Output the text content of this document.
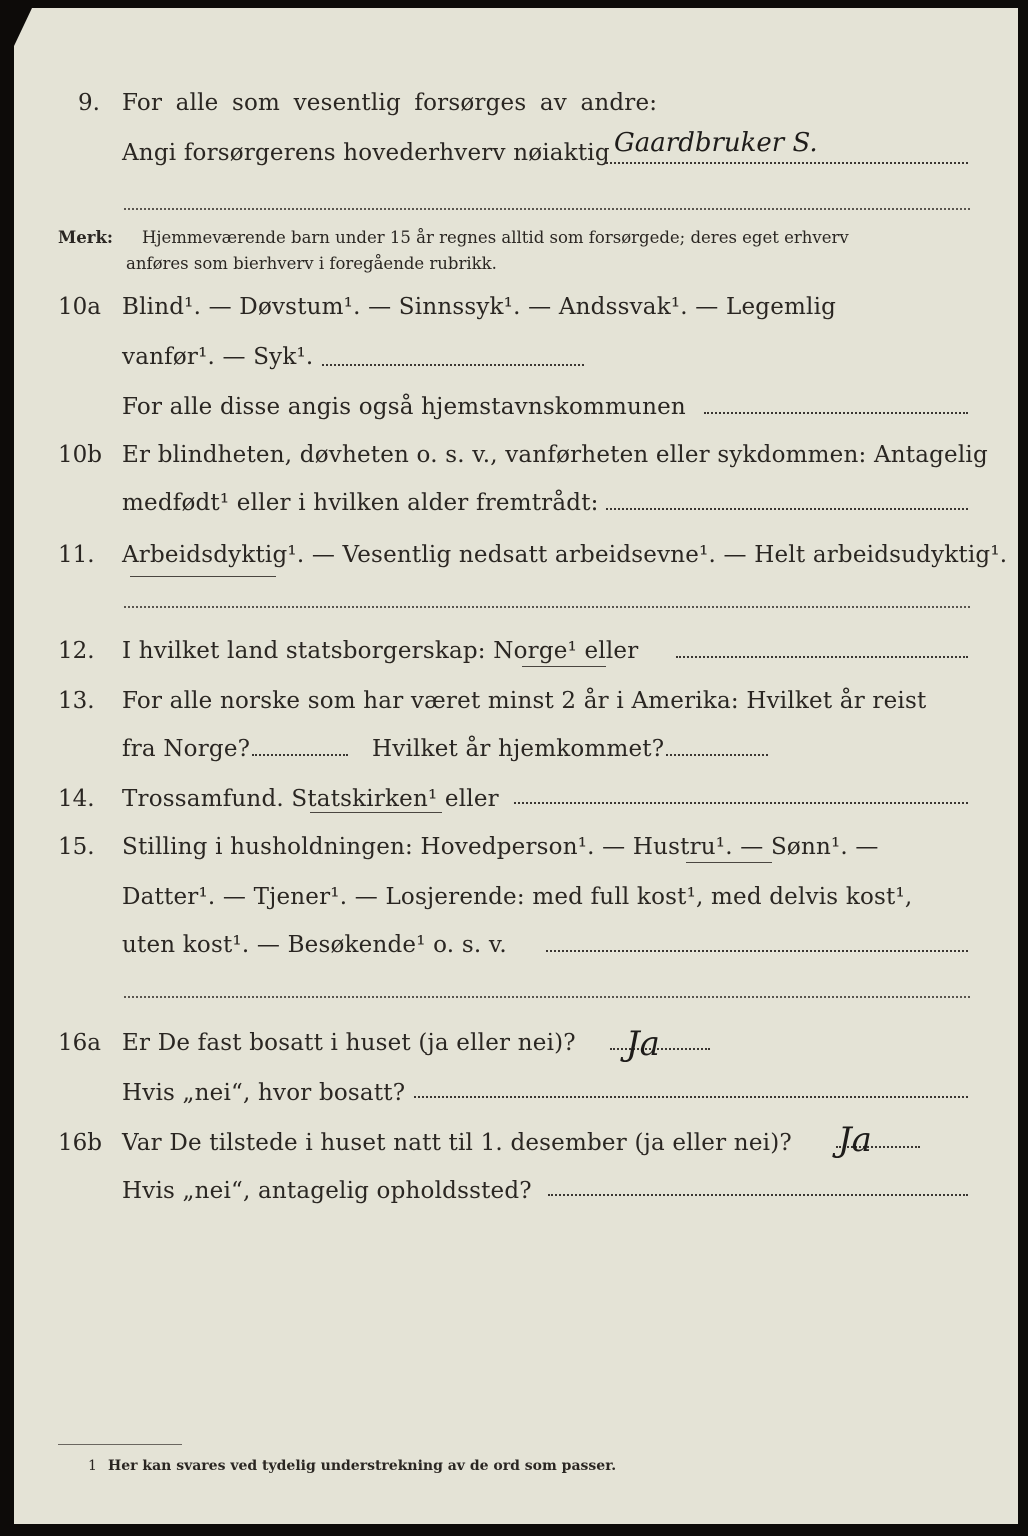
9. For alle som vesentlig forsørges av andre:
Angi forsørgerens hovederhverv nøiaktig Gaardbruker S.
Merk: Hjemmeværende barn under 15 år regnes alltid som forsørgede; deres eget erhverv
anføres som bierhverv i foregående rubrikk.
10a Blind¹. — Døvstum¹. — Sinnssyk¹. — Andssvak¹. — Legemlig
vanfør¹. — Syk¹.
For alle disse angis også hjemstavnskommunen
10b Er blindheten, døvheten o. s. v., vanførheten eller sykdommen: Antagelig
medfødt¹ eller i hvilken alder fremtrådt:
11. Arbeidsdyktig¹. — Vesentlig nedsatt arbeidsevne¹. — Helt arbeidsudyktig¹.
12. I hvilket land statsborgerskap: Norge¹ eller
13. For alle norske som har været minst 2 år i Amerika: Hvilket år reist
fra Norge?	Hvilket år hjemkommet?
14. Trossamfund. Statskirken¹ eller
15. Stilling i husholdningen: Hovedperson¹. — Hustru¹. — Sønn¹. —
Datter¹. — Tjener¹. — Losjerende: med full kost¹, med delvis kost¹,
uten kost¹. — Besøkende¹ o. s. v.
16a Er De fast bosatt i huset (ja eller nei)? Ja
Hvis „nei“, hvor bosatt?
16b Var De tilstede i huset natt til 1. desember (ja eller nei)? Ja
Hvis „nei“, antagelig opholdssted?
1 Her kan svares ved tydelig understrekning av de ord som passer.
